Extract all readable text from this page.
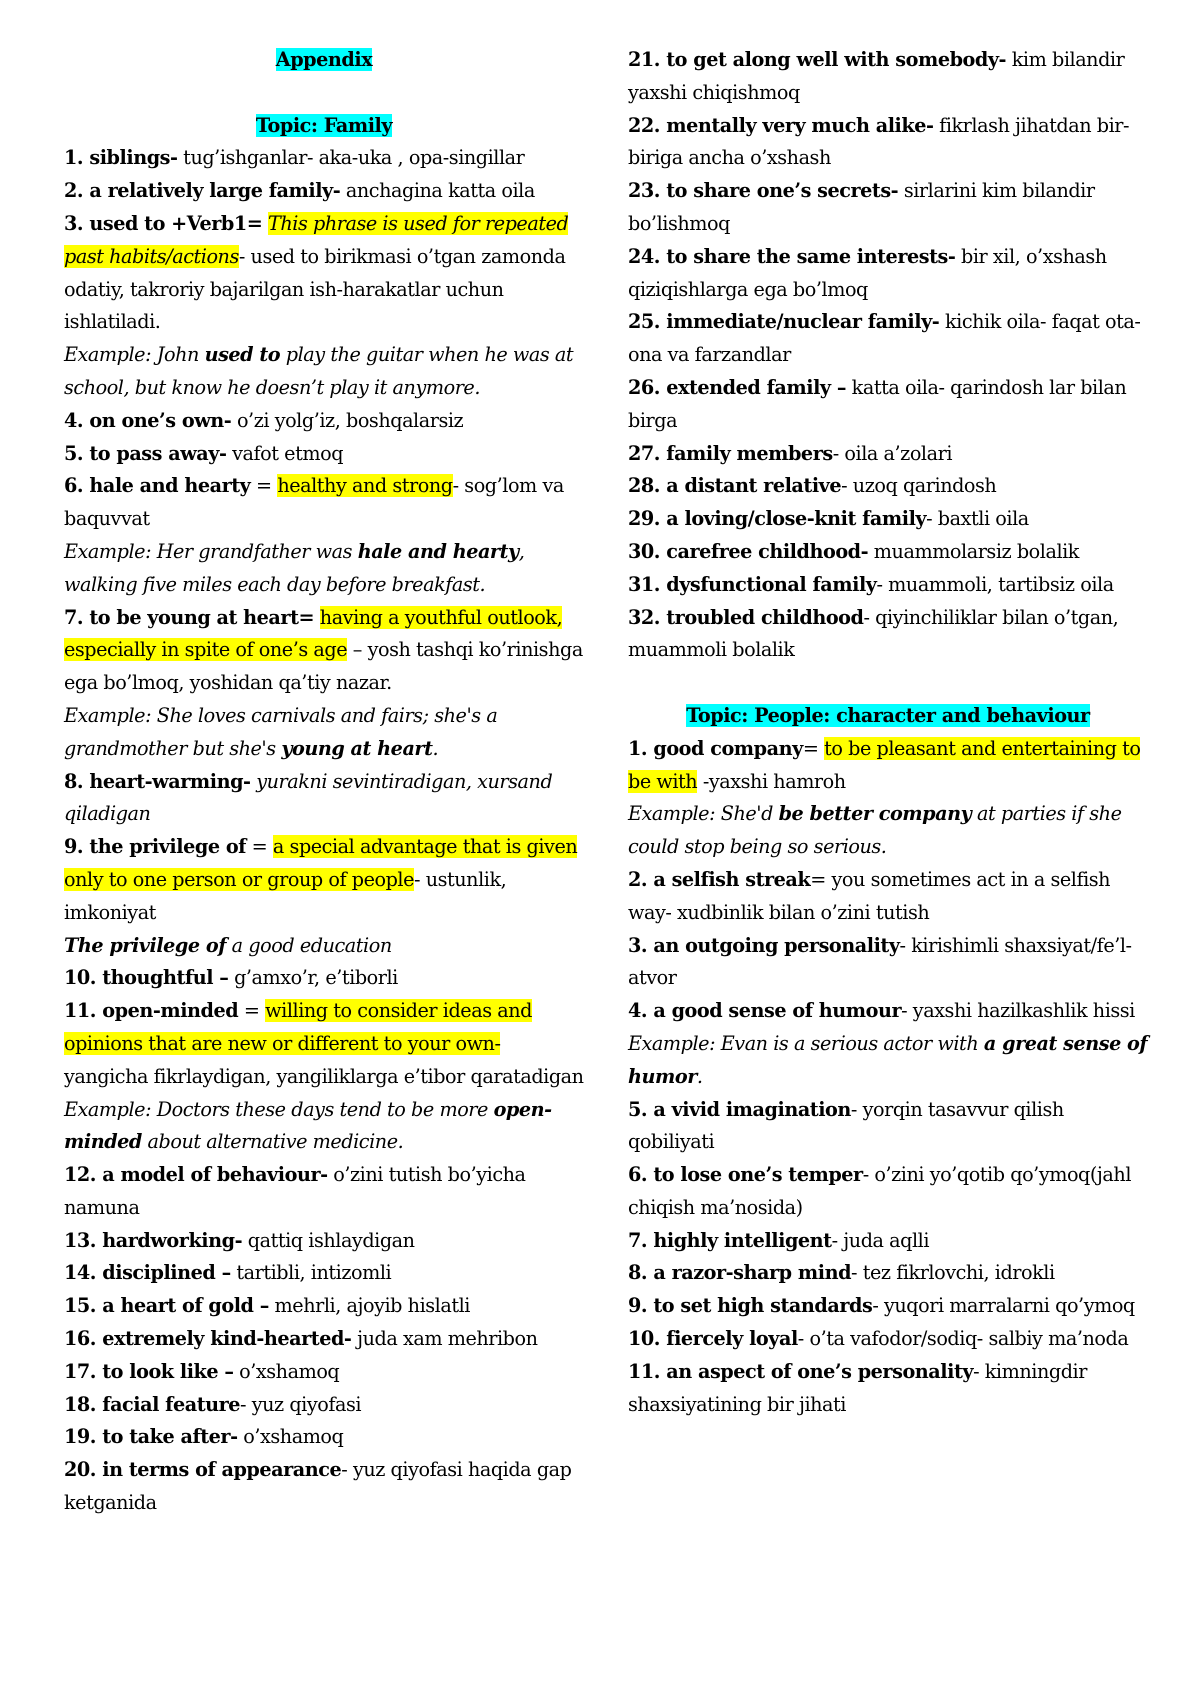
Appendix
Topic: Family

1. siblings- tug’ishganlar- aka-uka , opa-singillar

2. a relatively large family- anchagina katta oila

3. used to +Verb1= This phrase is used for repeated past habits/actions- used to birikmasi o’tgan zamonda odatiy, takroriy bajarilgan ish-harakatlar uchun ishlatiladi.

Example: John used to play the guitar when he was at school, but know he doesn’t play it anymore.

4. on one’s own- o’zi yolg’iz, boshqalarsiz

5. to pass away- vafot etmoq

6. hale and hearty = healthy and strong- sog’lom va baquvvat

Example: Her grandfather was hale and hearty, walking five miles each day before breakfast.

7. to be young at heart= having a youthful outlook, especially in spite of one’s age – yosh tashqi ko’rinishga ega bo’lmoq, yoshidan qa’tiy nazar.

Example: She loves carnivals and fairs; she's a grandmother but she's young at heart.

8. heart-warming- yurakni sevintiradigan, xursand qiladigan

9. the privilege of = a special advantage that is given only to one person or group of people- ustunlik, imkoniyat

The privilege of a good education

10. thoughtful – g’amxo’r, e’tiborli

11. open-minded = willing to consider ideas and opinions that are new or different to your own- yangicha fikrlaydigan, yangiliklarga e’tibor qaratadigan

Example: Doctors these days tend to be more open-minded about alternative medicine.

12. a model of behaviour- o’zini tutish bo’yicha namuna

13. hardworking- qattiq ishlaydigan

14. disciplined – tartibli, intizomli

15. a heart of gold – mehrli, ajoyib hislatli

16. extremely kind-hearted- juda xam mehribon

17. to look like – o’xshamoq

18. facial feature- yuz qiyofasi

19. to take after- o’xshamoq

20. in terms of appearance- yuz qiyofasi haqida gap ketganida

21. to get along well with somebody- kim bilandir yaxshi chiqishmoq

22. mentally very much alike- fikrlash jihatdan bir-biriga ancha o’xshash

23. to share one’s secrets- sirlarini kim bilandir bo’lishmoq

24. to share the same interests- bir xil, o’xshash qiziqishlarga ega bo’lmoq

25. immediate/nuclear family- kichik oila- faqat ota-ona va farzandlar

26. extended family – katta oila- qarindosh lar bilan birga

27. family members- oila a’zolari

28. a distant relative- uzoq qarindosh

29. a loving/close-knit family- baxtli oila

30. carefree childhood- muammolarsiz bolalik

31. dysfunctional family- muammoli, tartibsiz oila

32. troubled childhood- qiyinchiliklar bilan o’tgan, muammoli bolalik

Topic: People: character and behaviour

1. good company= to be pleasant and entertaining to be with -yaxshi hamroh

Example: She'd be better company at parties if she could stop being so serious.

2. a selfish streak= you sometimes act in a selfish way- xudbinlik bilan o’zini tutish

3. an outgoing personality- kirishimli shaxsiyat/fe’l- atvor

4. a good sense of humour- yaxshi hazilkashlik hissi

Example: Evan is a serious actor with a great sense of humor.

5. a vivid imagination- yorqin tasavvur qilish qobiliyati

6. to lose one’s temper- o’zini yo’qotib qo’ymoq(jahl chiqish ma’nosida)

7. highly intelligent- juda aqlli

8. a razor-sharp mind- tez fikrlovchi, idrokli

9. to set high standards- yuqori marralarni qo’ymoq

10. fiercely loyal- o’ta vafodor/sodiq- salbiy ma’noda

11. an aspect of one’s personality- kimningdir shaxsiyatining bir jihati
